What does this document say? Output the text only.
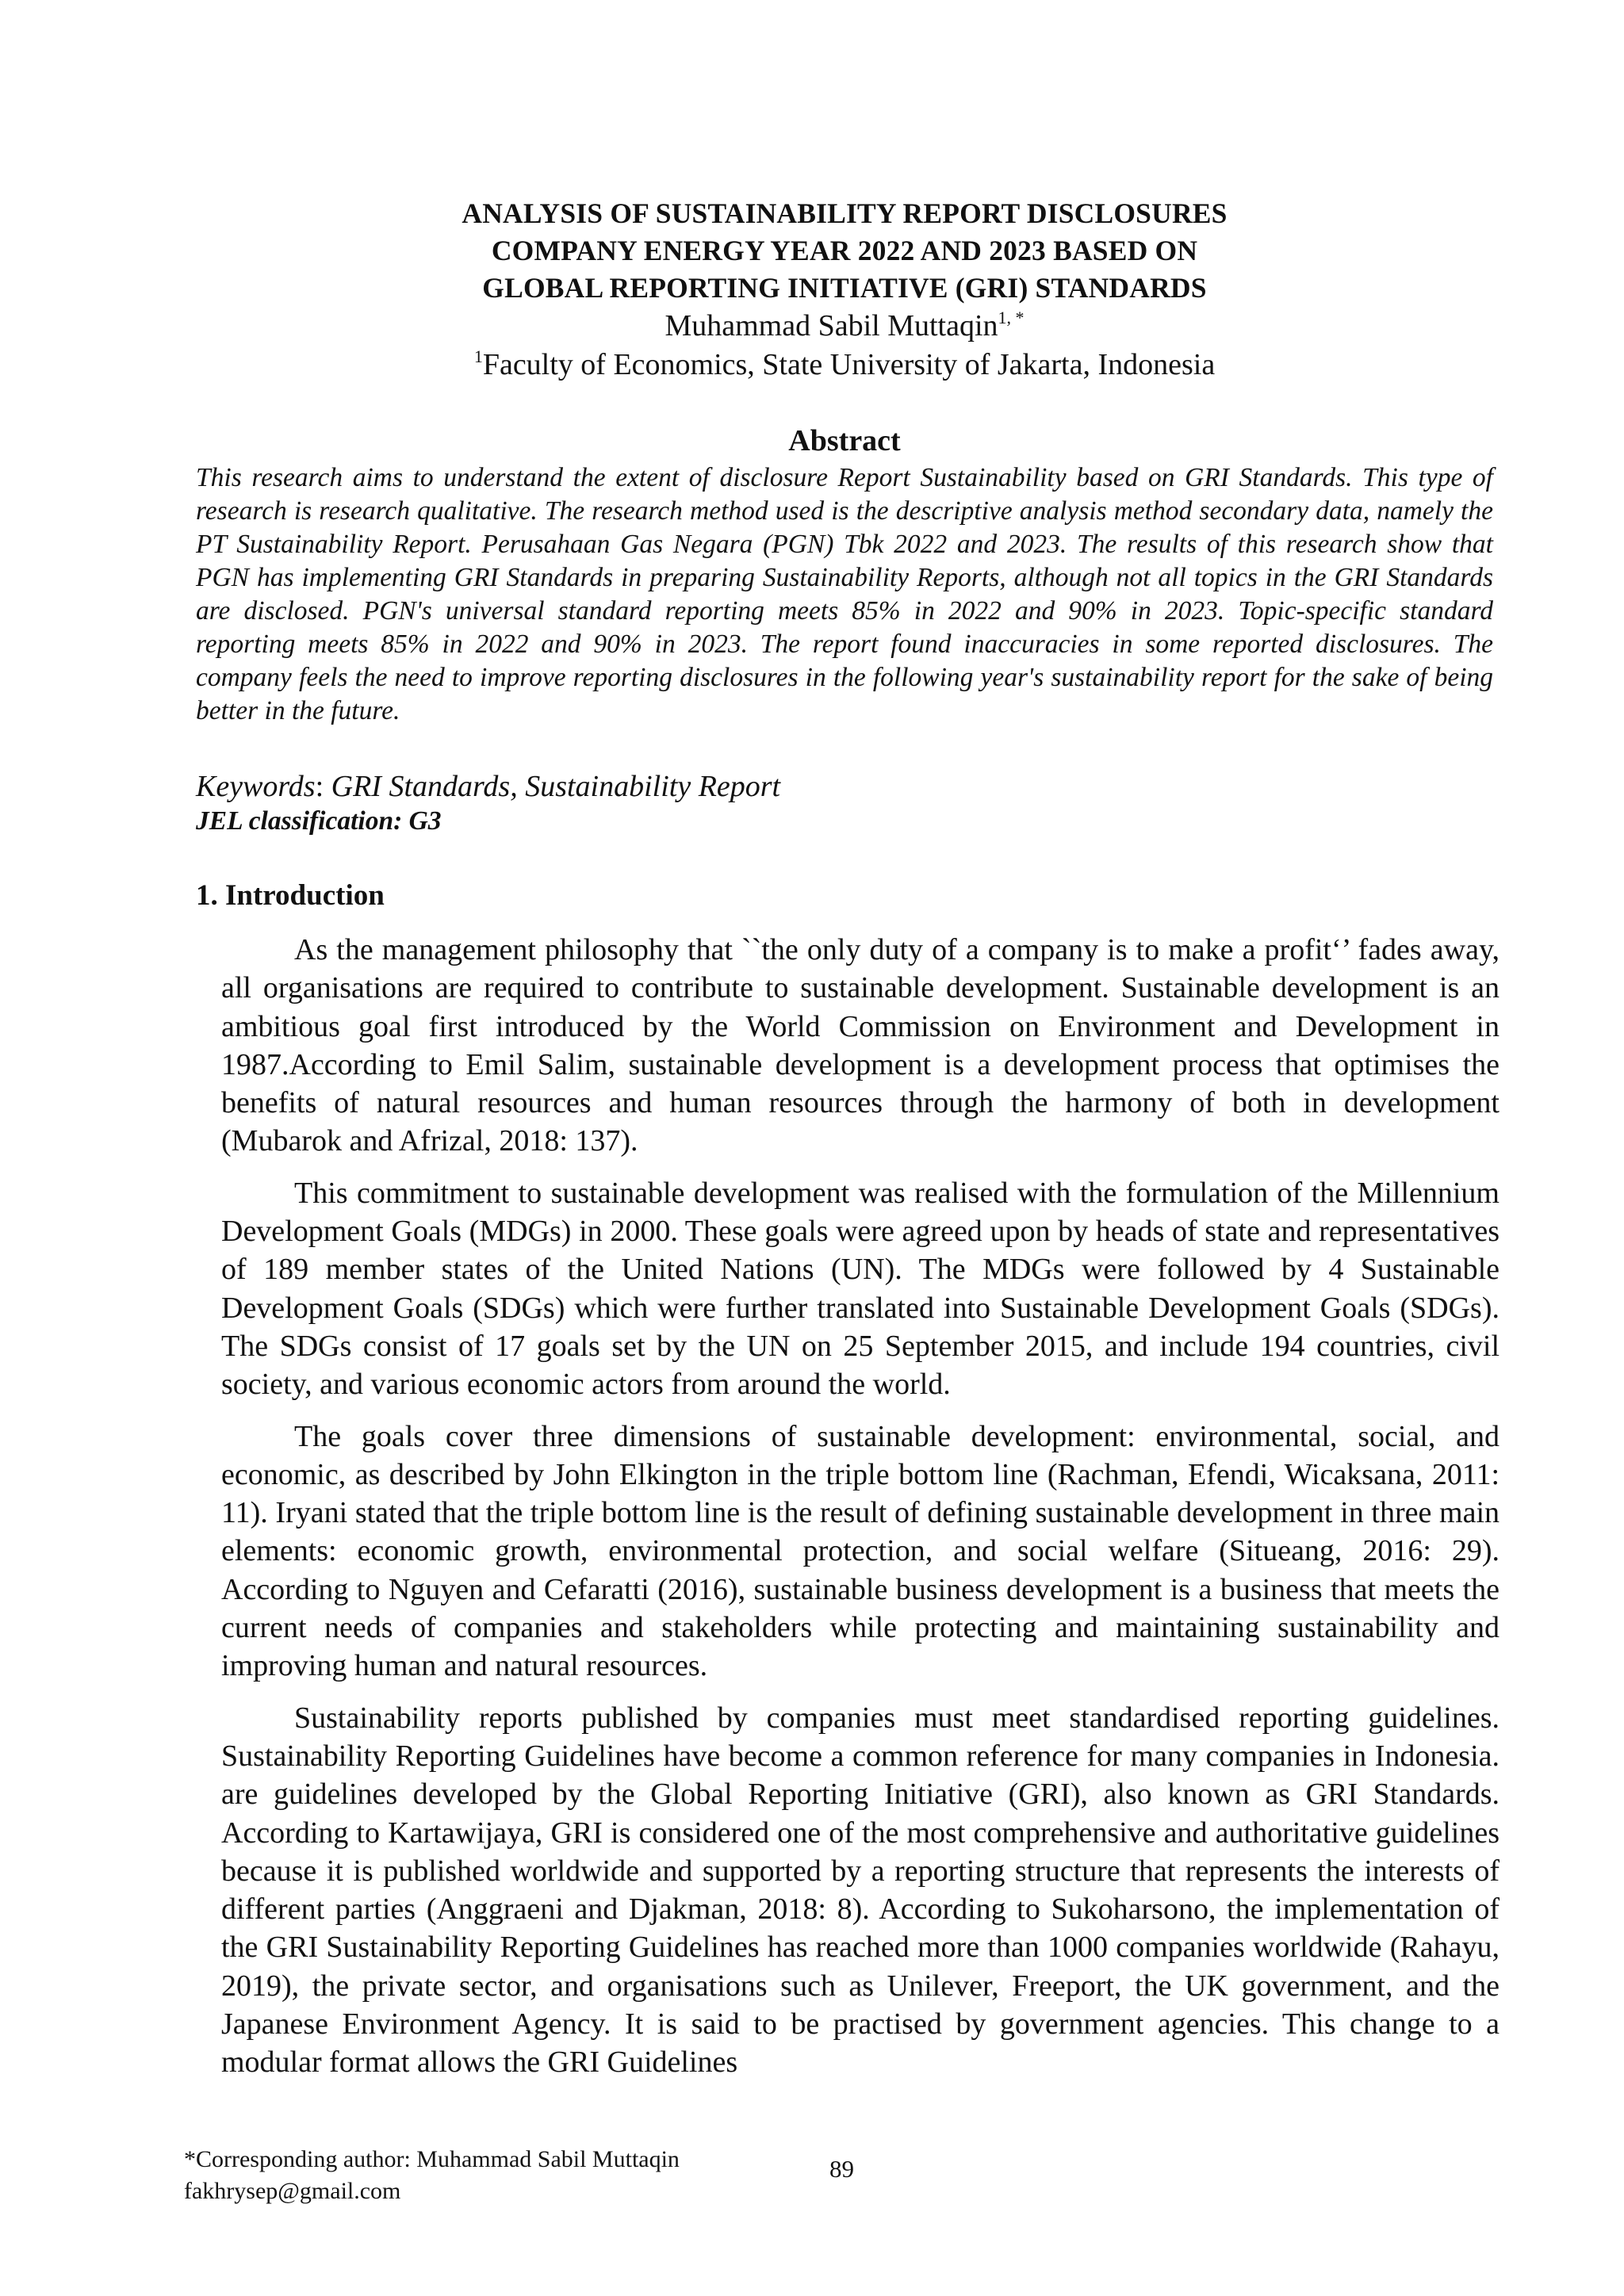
ANALYSIS OF SUSTAINABILITY REPORT DISCLOSURES
COMPANY ENERGY YEAR 2022 AND 2023 BASED ON
GLOBAL REPORTING INITIATIVE (GRI) STANDARDS
Muhammad Sabil Muttaqin$^{1, *}$
$^1$Faculty of Economics, State University of Jakarta, Indonesia
Abstract
This research aims to understand the extent of disclosure Report Sustainability based on GRI Standards. This type of research is research qualitative. The research method used is the descriptive analysis method secondary data, namely the PT Sustainability Report. Perusahaan Gas Negara (PGN) Tbk 2022 and 2023. The results of this research show that PGN has implementing GRI Standards in preparing Sustainability Reports, although not all topics in the GRI Standards are disclosed. PGN's universal standard reporting meets 85% in 2022 and 90% in 2023. Topic-specific standard reporting meets 85% in 2022 and 90% in 2023. The report found inaccuracies in some reported disclosures. The company feels the need to improve reporting disclosures in the following year's sustainability report for the sake of being better in the future.
Keywords: GRI Standards, Sustainability Report
JEL classification: G3
1. Introduction

As the management philosophy that ``the only duty of a company is to make a profit‘’ fades away, all organisations are required to contribute to sustainable development. Sustainable development is an ambitious goal first introduced by the World Commission on Environment and Development in 1987.According to Emil Salim, sustainable development is a development process that optimises the benefits of natural resources and human resources through the harmony of both in development (Mubarok and Afrizal, 2018: 137).

This commitment to sustainable development was realised with the formulation of the Millennium Development Goals (MDGs) in 2000. These goals were agreed upon by heads of state and representatives of 189 member states of the United Nations (UN). The MDGs were followed by 4 Sustainable Development Goals (SDGs) which were further translated into Sustainable Development Goals (SDGs). The SDGs consist of 17 goals set by the UN on 25 September 2015, and include 194 countries, civil society, and various economic actors from around the world.

The goals cover three dimensions of sustainable development: environmental, social, and economic, as described by John Elkington in the triple bottom line (Rachman, Efendi, Wicaksana, 2011: 11). Iryani stated that the triple bottom line is the result of defining sustainable development in three main elements: economic growth, environmental protection, and social welfare (Situeang, 2016: 29). According to Nguyen and Cefaratti (2016), sustainable business development is a business that meets the current needs of companies and stakeholders while protecting and maintaining sustainability and improving human and natural resources.

Sustainability reports published by companies must meet standardised reporting guidelines. Sustainability Reporting Guidelines have become a common reference for many companies in Indonesia. are guidelines developed by the Global Reporting Initiative (GRI), also known as GRI Standards. According to Kartawijaya, GRI is considered one of the most comprehensive and authoritative guidelines because it is published worldwide and supported by a reporting structure that represents the interests of different parties (Anggraeni and Djakman, 2018: 8). According to Sukoharsono, the implementation of the GRI Sustainability Reporting Guidelines has reached more than 1000 companies worldwide (Rahayu, 2019), the private sector, and organisations such as Unilever, Freeport, the UK government, and the Japanese Environment Agency. It is said to be practised by government agencies. This change to a modular format allows the GRI Guidelines

*Corresponding author: Muhammad Sabil Muttaqin
fakhrysep@gmail.com
89
